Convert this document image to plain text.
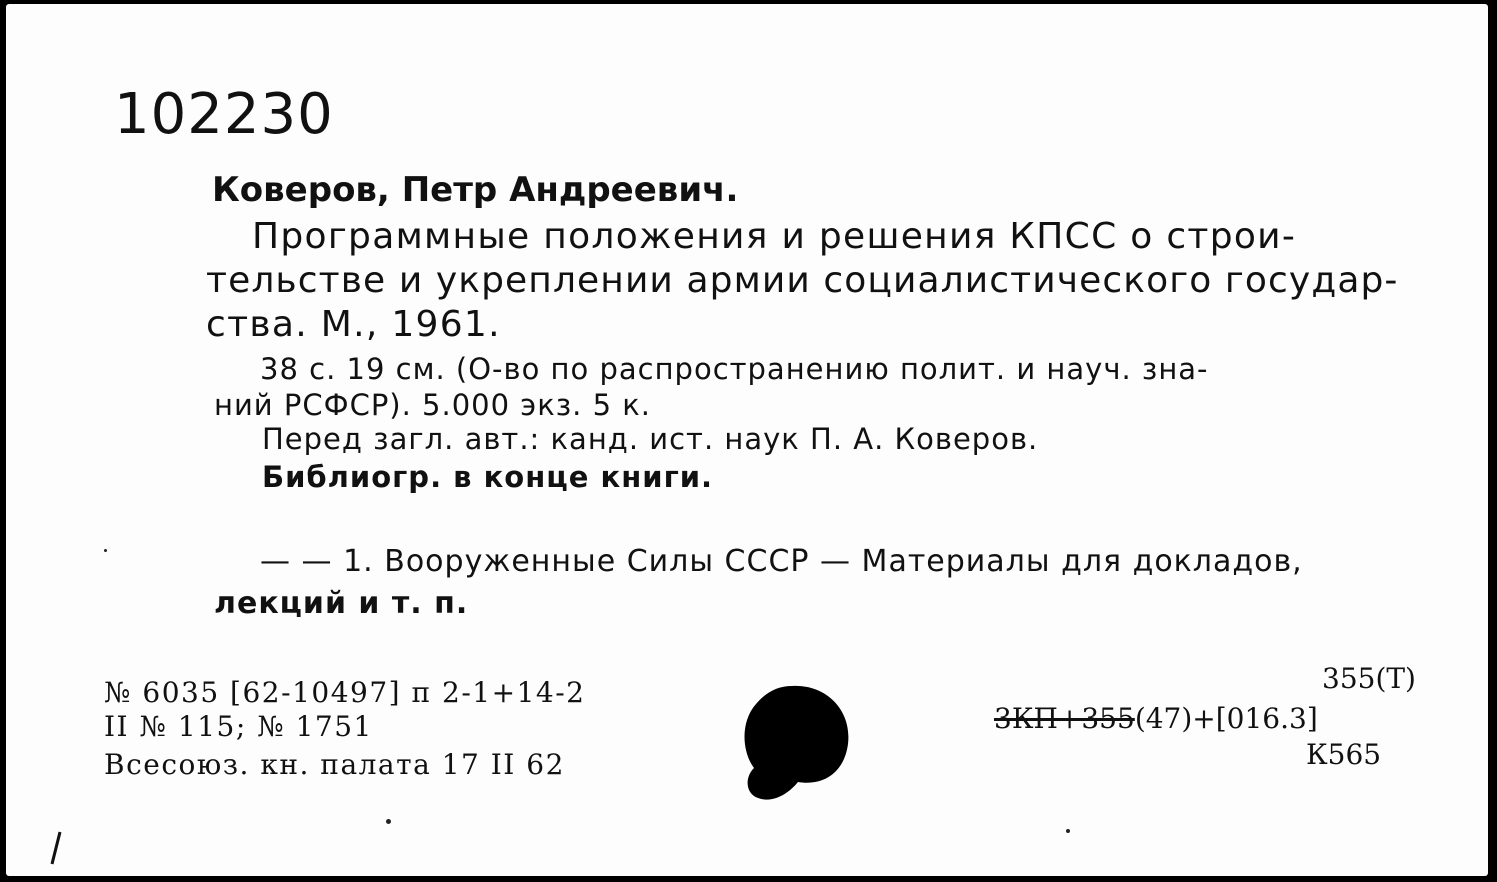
102230
Коверов, Петр Андреевич.
Программные положения и решения КПСС о строи-
тельстве и укреплении армии социалистического государ-
ства. М., 1961.
38 с. 19 см. (О-во по распространению полит. и науч. зна-
ний РСФСР). 5.000 экз. 5 к.
Перед загл. авт.: канд. ист. наук П. А. Коверов.
Библиогр. в конце книги.
— — 1. Вооруженные Силы СССР — Материалы для докладов,
лекций и т. п.
№ 6035 [62-10497] п 2-1+14-2
II № 115; № 1751
Всесоюз. кн. палата 17 II 62
355(Т)
3КП+355(47)+[016.3]
К565
